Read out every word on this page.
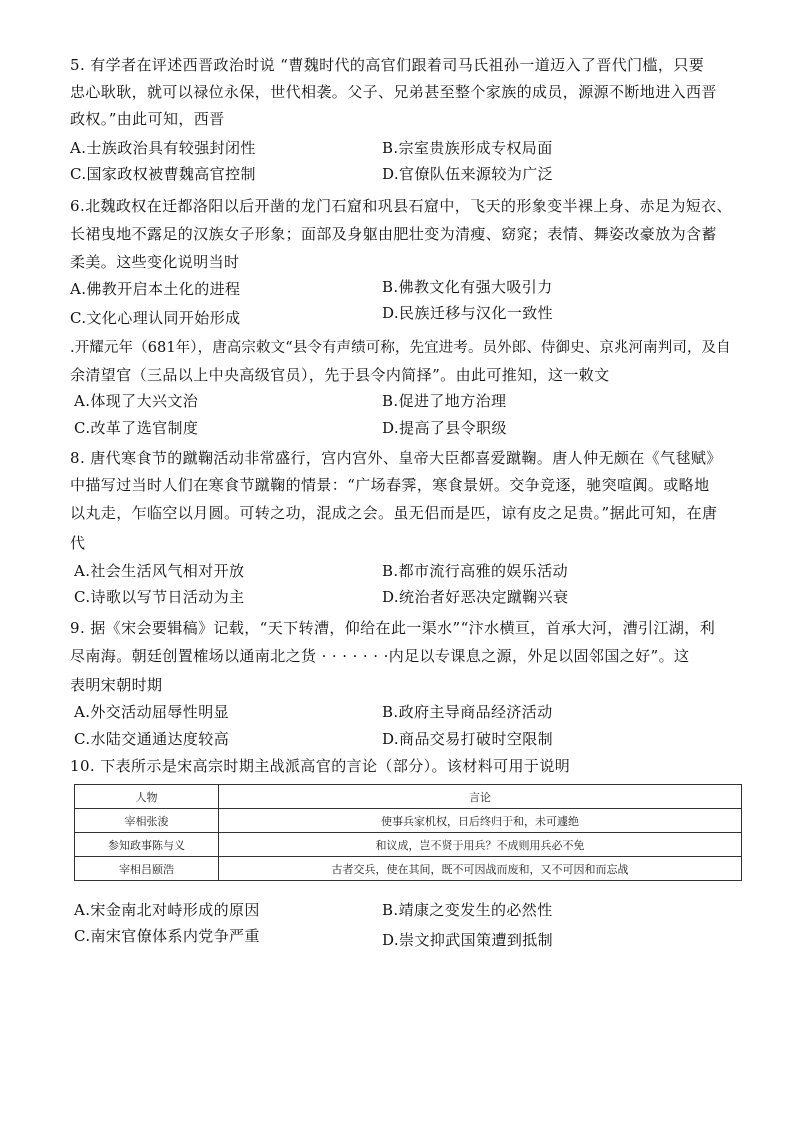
5. 有学者在评述西晋政治时说 “曹魏时代的高官们跟着司马氏祖孙一道迈入了晋代门槛，只要
忠心耿耿，就可以禄位永保，世代相袭。父子、兄弟甚至整个家族的成员，源源不断地进入西晋
政权。”由此可知，西晋
A.士族政治具有较强封闭性	B.宗室贵族形成专权局面
C.国家政权被曹魏高官控制	D.官僚队伍来源较为广泛
6.北魏政权在迁都洛阳以后开凿的龙门石窟和巩县石窟中，飞天的形象变半裸上身、赤足为短衣、
长裙曳地不露足的汉族女子形象；面部及身躯由肥壮变为清瘦、窈窕；表情、舞姿改豪放为含蓄
柔美。这些变化说明当时
A.佛教开启本土化的进程	B.佛教文化有强大吸引力
C.文化心理认同开始形成	D.民族迁移与汉化一致性
.开耀元年（681年），唐高宗敕文“县令有声绩可称，先宜进考。员外郎、侍御史、京兆河南判司，及自
余清望官（三品以上中央高级官员），先于县令内简择”。由此可推知，这一敕文
A.体现了大兴文治	B.促进了地方治理
C.改革了选官制度	D.提高了县令职级
8. 唐代寒食节的蹴鞠活动非常盛行，宫内宫外、皇帝大臣都喜爱蹴鞠。唐人仲无颇在《气毬赋》
中描写过当时人们在寒食节蹴鞠的情景：“广场春霁，寒食景妍。交争竞逐，驰突喧阗。或略地
以丸走，乍临空以月圆。可转之功，混成之会。虽无侣而是匹，谅有皮之足贵。”据此可知，在唐
代
A.社会生活风气相对开放	B.都市流行高雅的娱乐活动
C.诗歌以写节日活动为主	D.统治者好恶决定蹴鞠兴衰
9. 据《宋会要辑稿》记载，“天下转漕，仰给在此一渠水”“汴水横亘，首承大河，漕引江湖，利
尽南海。朝廷创置榷场以通南北之货 · · · · · · ·内足以专课息之源，外足以固邻国之好”。这
表明宋朝时期
A.外交活动屈辱性明显	B.政府主导商品经济活动
C.水陆交通通达度较高	D.商品交易打破时空限制
10. 下表所示是宋高宗时期主战派高官的言论（部分）。该材料可用于说明
人物	言论
宰相张浚	使事兵家机权，日后终归于和，未可遽绝
参知政事陈与义	和议成，岂不贤于用兵？不成则用兵必不免
宰相吕颐浩	古者交兵，使在其间，既不可因战而废和，又不可因和而忘战
A.宋金南北对峙形成的原因	B.靖康之变发生的必然性
C.南宋官僚体系内党争严重	D.崇文抑武国策遭到抵制
